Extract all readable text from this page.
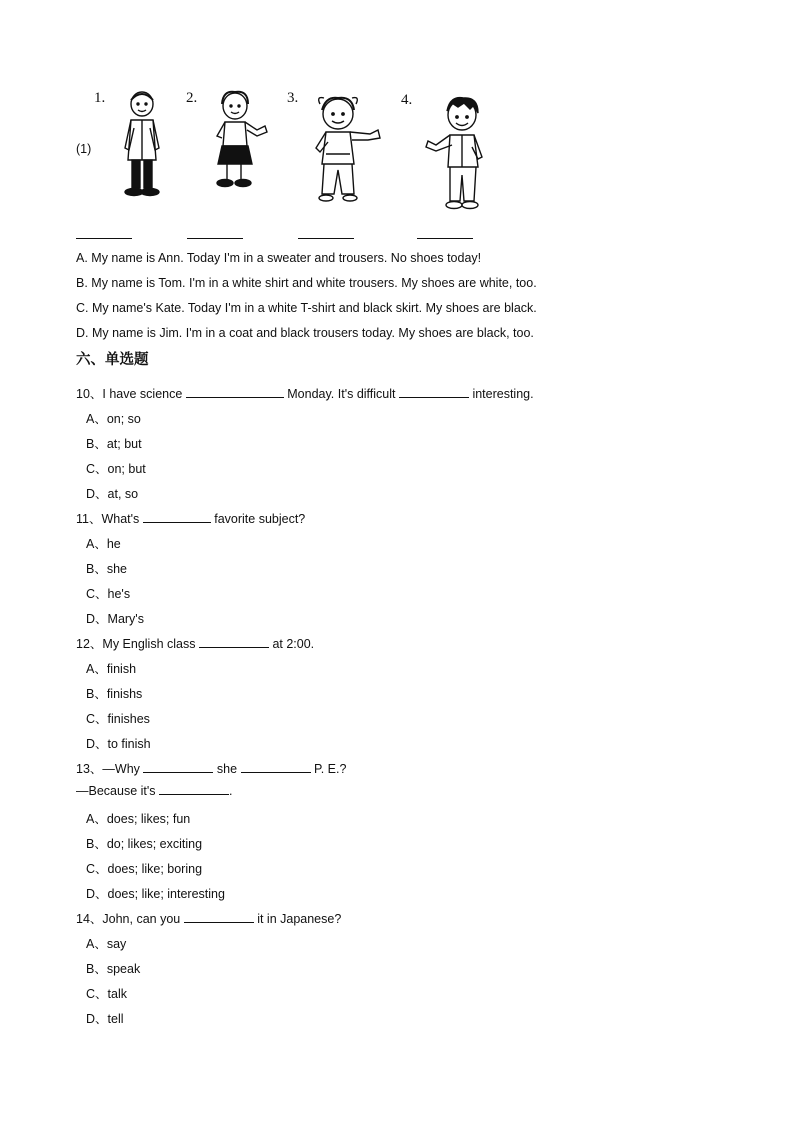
(1)
1.	2.	3.	4.
A. My name is Ann. Today I'm in a sweater and trousers. No shoes today!
B. My name is Tom. I'm in a white shirt and white trousers. My shoes are white, too.
C. My name's Kate. Today I'm in a white T-shirt and black skirt. My shoes are black.
D. My name is Jim. I'm in a coat and black trousers today. My shoes are black, too.
六、单选题
10、I have science	Monday. It's difficult	interesting.
A、on; so
B、at; but
C、on; but
D、at, so
11、What's	favorite subject?
A、he
B、she
C、he's
D、Mary's
12、My English class	at 2:00.
A、finish
B、finishs
C、finishes
D、to finish
13、—Why	she	P. E.?
—Because it's	.
A、does; likes; fun
B、do; likes; exciting
C、does; like; boring
D、does; like; interesting
14、John, can you	it in Japanese?
A、say
B、speak
C、talk
D、tell
